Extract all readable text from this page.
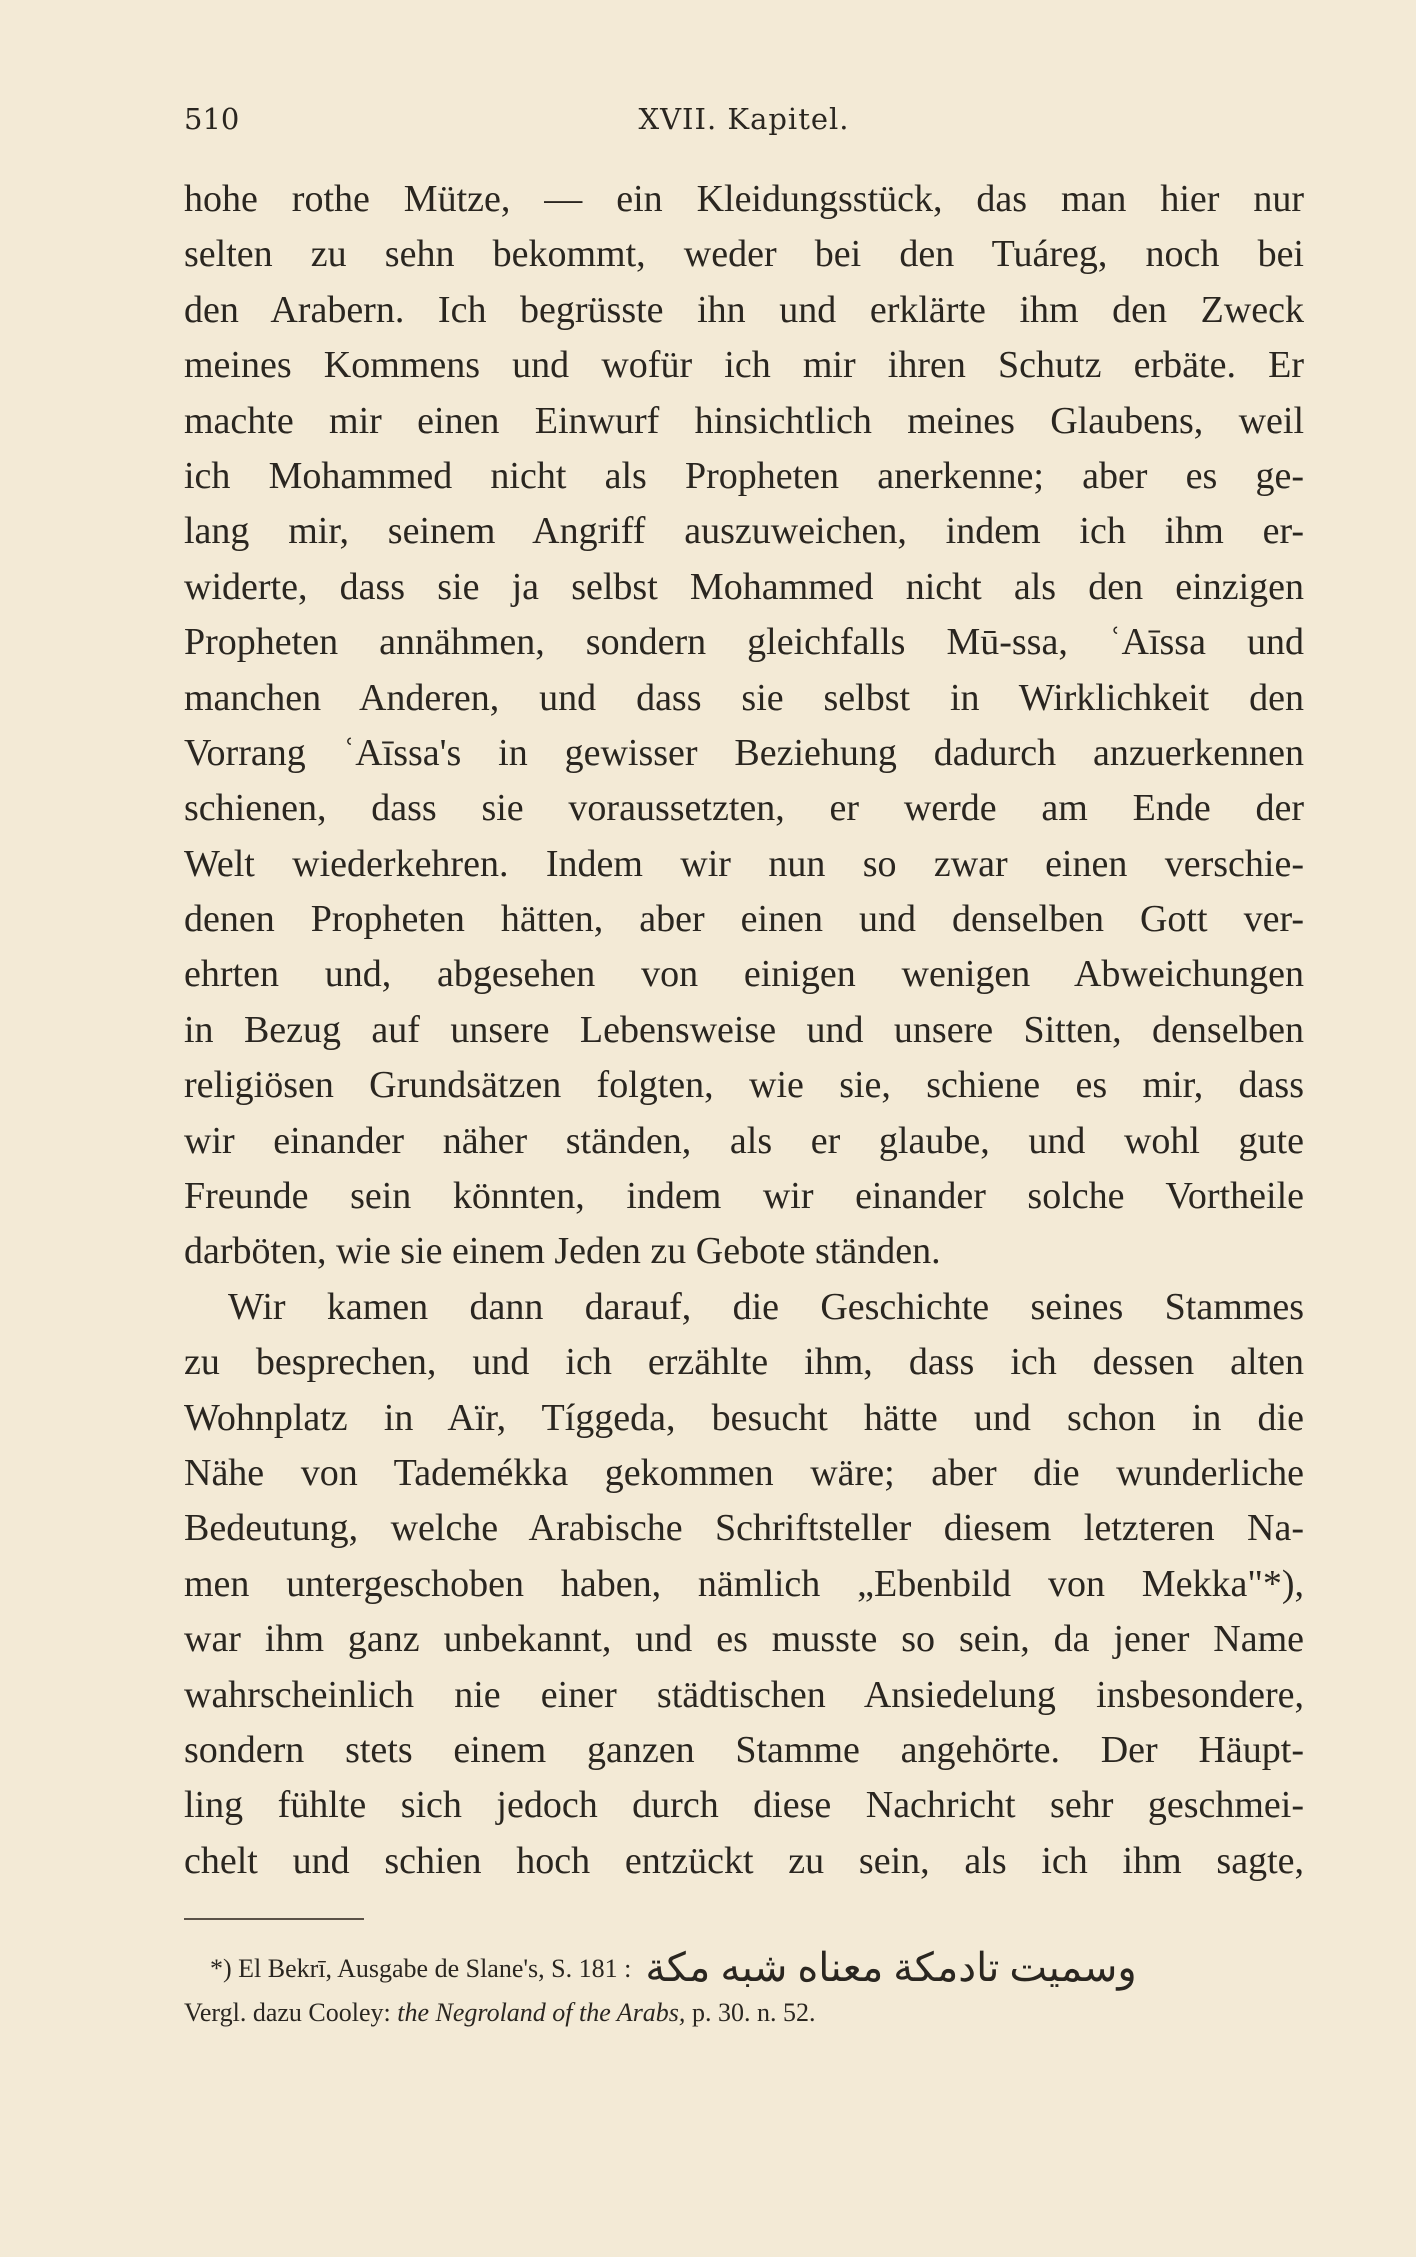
510	XVII. Kapitel.
hohe rothe Mütze, — ein Kleidungsstück, das man hier nur
selten zu sehn bekommt, weder bei den Tuáreg, noch bei
den Arabern. Ich begrüsste ihn und erklärte ihm den Zweck
meines Kommens und wofür ich mir ihren Schutz erbäte. Er
machte mir einen Einwurf hinsichtlich meines Glaubens, weil
ich Mohammed nicht als Propheten anerkenne; aber es ge-
lang mir, seinem Angriff auszuweichen, indem ich ihm er-
widerte, dass sie ja selbst Mohammed nicht als den einzigen
Propheten annähmen, sondern gleichfalls Mū-ssa, ʿAīssa und
manchen Anderen, und dass sie selbst in Wirklichkeit den
Vorrang ʿAīssa's in gewisser Beziehung dadurch anzuerkennen
schienen, dass sie voraussetzten, er werde am Ende der
Welt wiederkehren. Indem wir nun so zwar einen verschie-
denen Propheten hätten, aber einen und denselben Gott ver-
ehrten und, abgesehen von einigen wenigen Abweichungen
in Bezug auf unsere Lebensweise und unsere Sitten, denselben
religiösen Grundsätzen folgten, wie sie, schiene es mir, dass
wir einander näher ständen, als er glaube, und wohl gute
Freunde sein könnten, indem wir einander solche Vortheile
darböten, wie sie einem Jeden zu Gebote ständen.
Wir kamen dann darauf, die Geschichte seines Stammes
zu besprechen, und ich erzählte ihm, dass ich dessen alten
Wohnplatz in Aïr, Tíggeda, besucht hätte und schon in die
Nähe von Tademékka gekommen wäre; aber die wunderliche
Bedeutung, welche Arabische Schriftsteller diesem letzteren Na-
men untergeschoben haben, nämlich „Ebenbild von Mekka"*),
war ihm ganz unbekannt, und es musste so sein, da jener Name
wahrscheinlich nie einer städtischen Ansiedelung insbesondere,
sondern stets einem ganzen Stamme angehörte. Der Häupt-
ling fühlte sich jedoch durch diese Nachricht sehr geschmei-
chelt und schien hoch entzückt zu sein, als ich ihm sagte,
*) El Bekrī, Ausgabe de Slane's, S. 181 : وسميت تادمكة معناه شبه مكة
Vergl. dazu Cooley: the Negroland of the Arabs, p. 30. n. 52.
